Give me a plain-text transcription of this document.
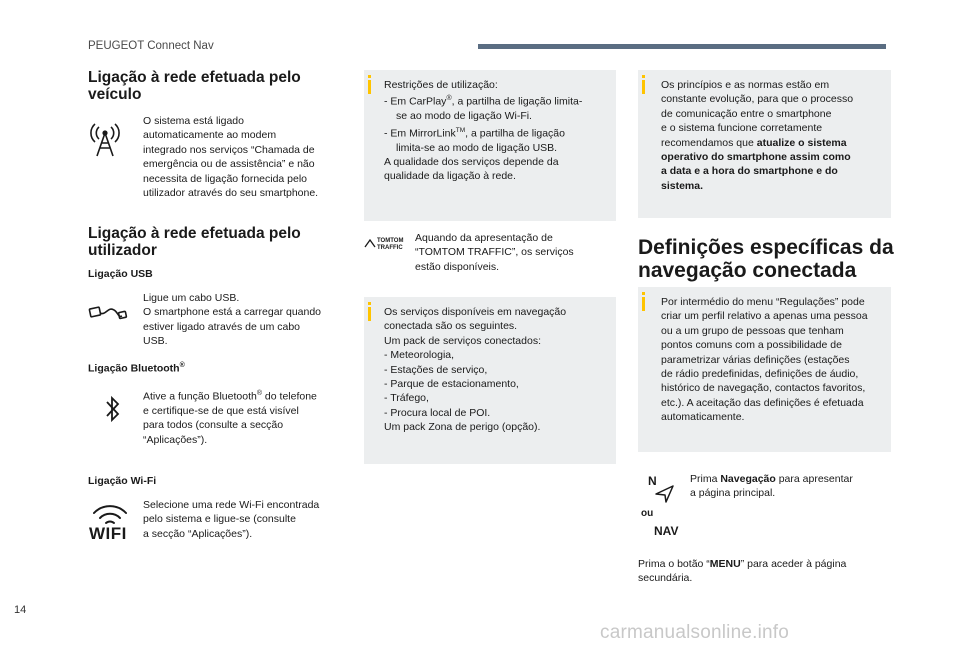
PEUGEOT Connect Nav
Ligação à rede efetuada pelo
veículo
O sistema está ligado
automaticamente ao modem
integrado nos serviços “Chamada de
emergência ou de assistência” e não
necessita de ligação fornecida pelo
utilizador através do seu smartphone.
Ligação à rede efetuada pelo
utilizador
Ligação USB
Ligue um cabo USB.
O smartphone está a carregar quando
estiver ligado através de um cabo
USB.
Ligação Bluetooth®
Ative a função Bluetooth® do telefone
e certifique-se de que está visível
para todos (consulte a secção
“Aplicações”).
Ligação Wi-Fi
WIFI
Selecione uma rede Wi-Fi encontrada
pelo sistema e ligue-se (consulte
a secção “Aplicações”).
Restrições de utilização:
- Em CarPlay®, a partilha de ligação limita-
se ao modo de ligação Wi-Fi.
- Em MirrorLink™, a partilha de ligação
limita-se ao modo de ligação USB.
A qualidade dos serviços depende da
qualidade da ligação à rede.
TOMTOM
TRAFFIC
Aquando da apresentação de
“TOMTOM TRAFFIC”, os serviços
estão disponíveis.
Os serviços disponíveis em navegação
conectada são os seguintes.
Um pack de serviços conectados:
- Meteorologia,
- Estações de serviço,
- Parque de estacionamento,
- Tráfego,
- Procura local de POI.
Um pack Zona de perigo (opção).
Os princípios e as normas estão em
constante evolução, para que o processo
de comunicação entre o smartphone
e o sistema funcione corretamente
recomendamos que atualize o sistema
operativo do smartphone assim como
a data e a hora do smartphone e do
sistema.
Definições específicas da
navegação conectada
Por intermédio do menu “Regulações” pode
criar um perfil relativo a apenas uma pessoa
ou a um grupo de pessoas que tenham
pontos comuns com a possibilidade de
parametrizar várias definições (estações
de rádio predefinidas, definições de áudio,
histórico de navegação, contactos favoritos,
etc.). A aceitação das definições é efetuada
automaticamente.
N
ou
NAV
Prima Navegação para apresentar
a página principal.
Prima o botão “MENU” para aceder à página
secundária.
14
carmanualsonline.info
